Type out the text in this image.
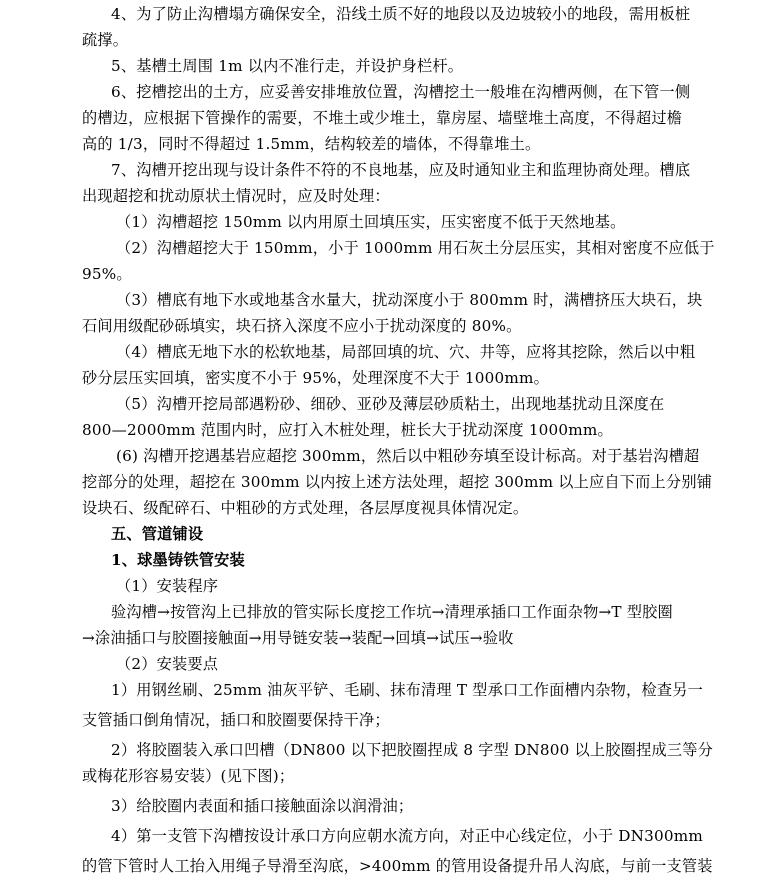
4、为了防止沟槽塌方确保安全，沿线土质不好的地段以及边坡较小的地段，需用板桩
疏撑。
5、基槽土周围 1m 以内不准行走，并设护身栏杆。
6、挖槽挖出的土方，应妥善安排堆放位置，沟槽挖土一般堆在沟槽两侧，在下管一侧
的槽边，应根据下管操作的需要，不堆土或少堆土，靠房屋、墙壁堆土高度，不得超过檐
高的 1/3，同时不得超过 1.5mm，结构较差的墙体，不得靠堆土。
7、沟槽开挖出现与设计条件不符的不良地基，应及时通知业主和监理协商处理。槽底
出现超挖和扰动原状土情况时，应及时处理：
（1）沟槽超挖 150mm 以内用原土回填压实，压实密度不低于天然地基。
（2）沟槽超挖大于 150mm，小于 1000mm 用石灰土分层压实，其相对密度不应低于
95%。
（3）槽底有地下水或地基含水量大，扰动深度小于 800mm 时，满槽挤压大块石，块
石间用级配砂砾填实，块石挤入深度不应小于扰动深度的 80%。
（4）槽底无地下水的松软地基，局部回填的坑、穴、井等，应将其挖除，然后以中粗
砂分层压实回填，密实度不小于 95%，处理深度不大于 1000mm。
（5）沟槽开挖局部遇粉砂、细砂、亚砂及薄层砂质粘土，出现地基扰动且深度在
800—2000mm 范围内时，应打入木桩处理，桩长大于扰动深度 1000mm。
(6) 沟槽开挖遇基岩应超挖 300mm，然后以中粗砂夯填至设计标高。对于基岩沟槽超
挖部分的处理，超挖在 300mm 以内按上述方法处理，超挖 300mm 以上应自下而上分别铺
设块石、级配碎石、中粗砂的方式处理，各层厚度视具体情况定。
五、管道铺设
1、球墨铸铁管安装
（1）安装程序
验沟槽→按管沟上已排放的管实际长度挖工作坑→清理承插口工作面杂物→T 型胶圈
→涂油插口与胶圈接触面→用导链安装→装配→回填→试压→验收
（2）安装要点
1）用钢丝刷、25mm 油灰平铲、毛刷、抹布清理 T 型承口工作面槽内杂物，检查另一
支管插口倒角情况，插口和胶圈要保持干净；
2）将胶圈装入承口凹槽（DN800 以下把胶圈捏成 8 字型 DN800 以上胶圈捏成三等分
或梅花形容易安装）(见下图)；
3）给胶圈内表面和插口接触面涂以润滑油；
4）第一支管下沟槽按设计承口方向应朝水流方向，对正中心线定位，小于 DN300mm
的管下管时人工抬入用绳子导滑至沟底，>400mm 的管用设备提升吊人沟底，与前一支管装
